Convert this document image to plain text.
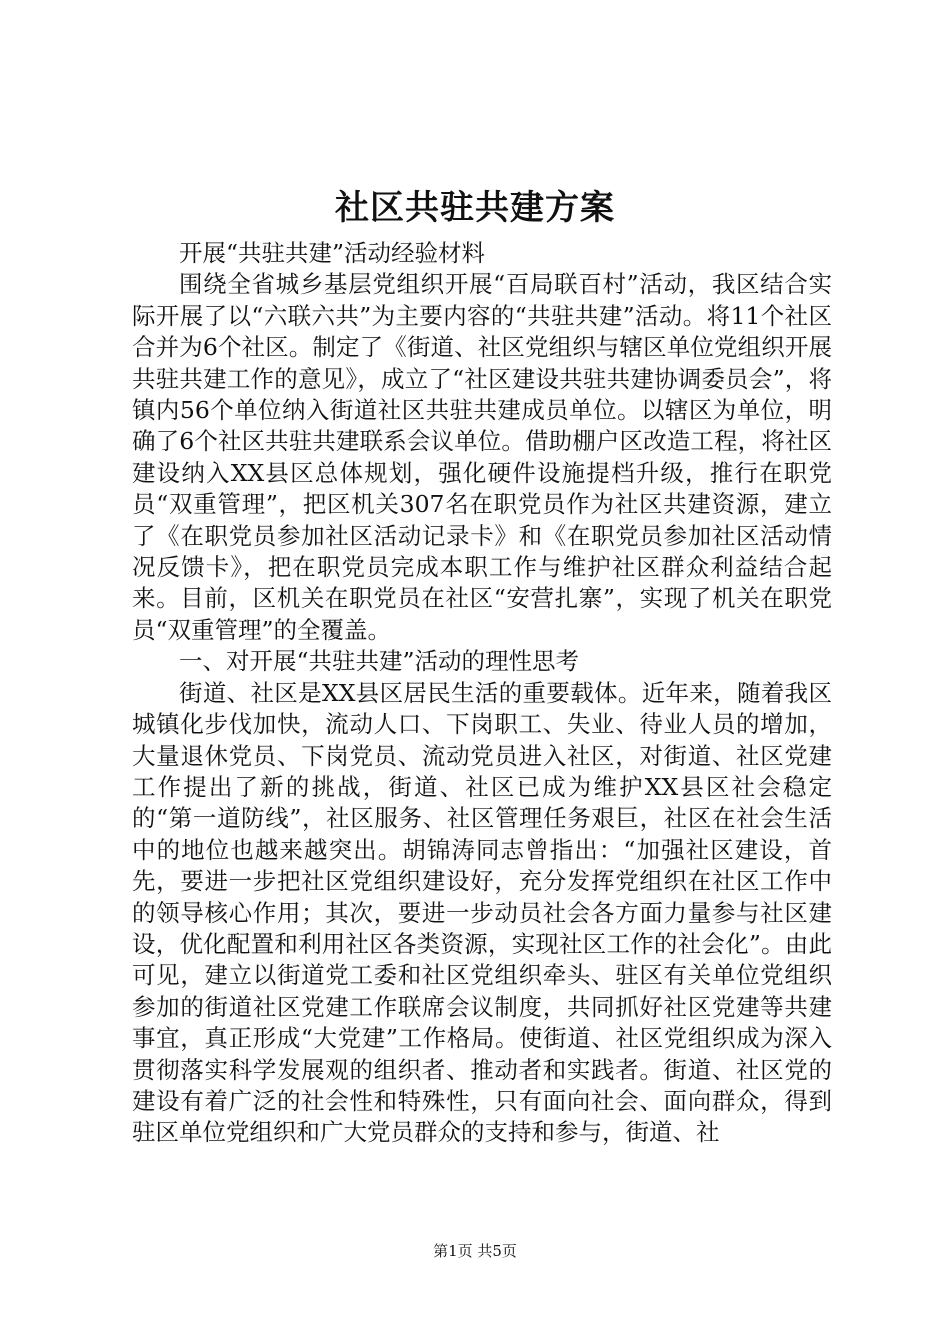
社区共驻共建方案

开展“共驻共建”活动经验材料

围绕全省城乡基层党组织开展“百局联百村”活动，我区结合实际开展了以“六联六共”为主要内容的“共驻共建”活动。将11个社区合并为6个社区。制定了《街道、社区党组织与辖区单位党组织开展共驻共建工作的意见》，成立了“社区建设共驻共建协调委员会”，将镇内56个单位纳入街道社区共驻共建成员单位。以辖区为单位，明确了6个社区共驻共建联系会议单位。借助棚户区改造工程，将社区建设纳入XX县区总体规划，强化硬件设施提档升级，推行在职党员“双重管理”，把区机关307名在职党员作为社区共建资源，建立了《在职党员参加社区活动记录卡》和《在职党员参加社区活动情况反馈卡》，把在职党员完成本职工作与维护社区群众利益结合起来。目前，区机关在职党员在社区“安营扎寨”，实现了机关在职党员“双重管理”的全覆盖。

一、对开展“共驻共建”活动的理性思考

街道、社区是XX县区居民生活的重要载体。近年来，随着我区城镇化步伐加快，流动人口、下岗职工、失业、待业人员的增加，大量退休党员、下岗党员、流动党员进入社区，对街道、社区党建工作提出了新的挑战，街道、社区已成为维护XX县区社会稳定的“第一道防线”，社区服务、社区管理任务艰巨，社区在社会生活中的地位也越来越突出。胡锦涛同志曾指出：“加强社区建设，首先，要进一步把社区党组织建设好，充分发挥党组织在社区工作中的领导核心作用；其次，要进一步动员社会各方面力量参与社区建设，优化配置和利用社区各类资源，实现社区工作的社会化”。由此可见，建立以街道党工委和社区党组织牵头、驻区有关单位党组织参加的街道社区党建工作联席会议制度，共同抓好社区党建等共建事宜，真正形成“大党建”工作格局。使街道、社区党组织成为深入贯彻落实科学发展观的组织者、推动者和实践者。街道、社区党的建设有着广泛的社会性和特殊性，只有面向社会、面向群众，得到驻区单位党组织和广大党员群众的支持和参与，街道、社

第1页 共5页
